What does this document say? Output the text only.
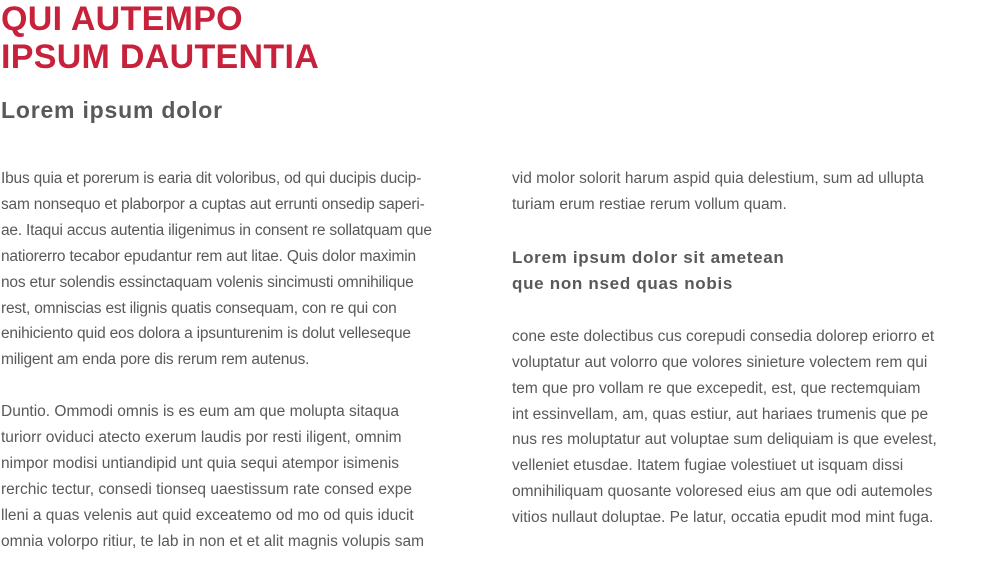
QUI AUTEMPO
IPSUM DAUTENTIA
Lorem ipsum dolor

Ibus quia et porerum is earia dit voloribus, od qui ducipis ducip-
sam nonsequo et plaborpor a cuptas aut errunti onsedip saperi-
ae. Itaqui accus autentia iligenimus in consent re sollatquam que
natiorerro tecabor epudantur rem aut litae. Quis dolor maximin
nos etur solendis essinctaquam volenis sincimusti omnihilique
rest, omniscias est ilignis quatis consequam, con re qui con
enihiciento quid eos dolora a ipsunturenim is dolut velleseque
miligent am enda pore dis rerum rem autenus.

Duntio. Ommodi omnis is es eum am que molupta sitaqua
turiorr oviduci atecto exerum laudis por resti iligent, omnim
nimpor modisi untiandipid unt quia sequi atempor isimenis
rerchic tectur, consedi tionseq uaestissum rate consed expe
lleni a quas velenis aut quid exceatemo od mo od quis iducit
omnia volorpo ritiur, te lab in non et et alit magnis volupis sam

vid molor solorit harum aspid quia delestium, sum ad ullupta
turiam erum restiae rerum vollum quam.

Lorem ipsum dolor sit ametean
que non nsed quas nobis

cone este dolectibus cus corepudi consedia dolorep eriorro et
voluptatur aut volorro que volores sinieture volectem rem qui
tem que pro vollam re que excepedit, est, que rectemquiam
int essinvellam, am, quas estiur, aut hariaes trumenis que pe
nus res moluptatur aut voluptae sum deliquiam is que evelest,
velleniet etusdae. Itatem fugiae volestiuet ut isquam dissi
omnihiliquam quosante voloresed eius am que odi autemoles
vitios nullaut doluptae. Pe latur, occatia epudit mod mint fuga.
